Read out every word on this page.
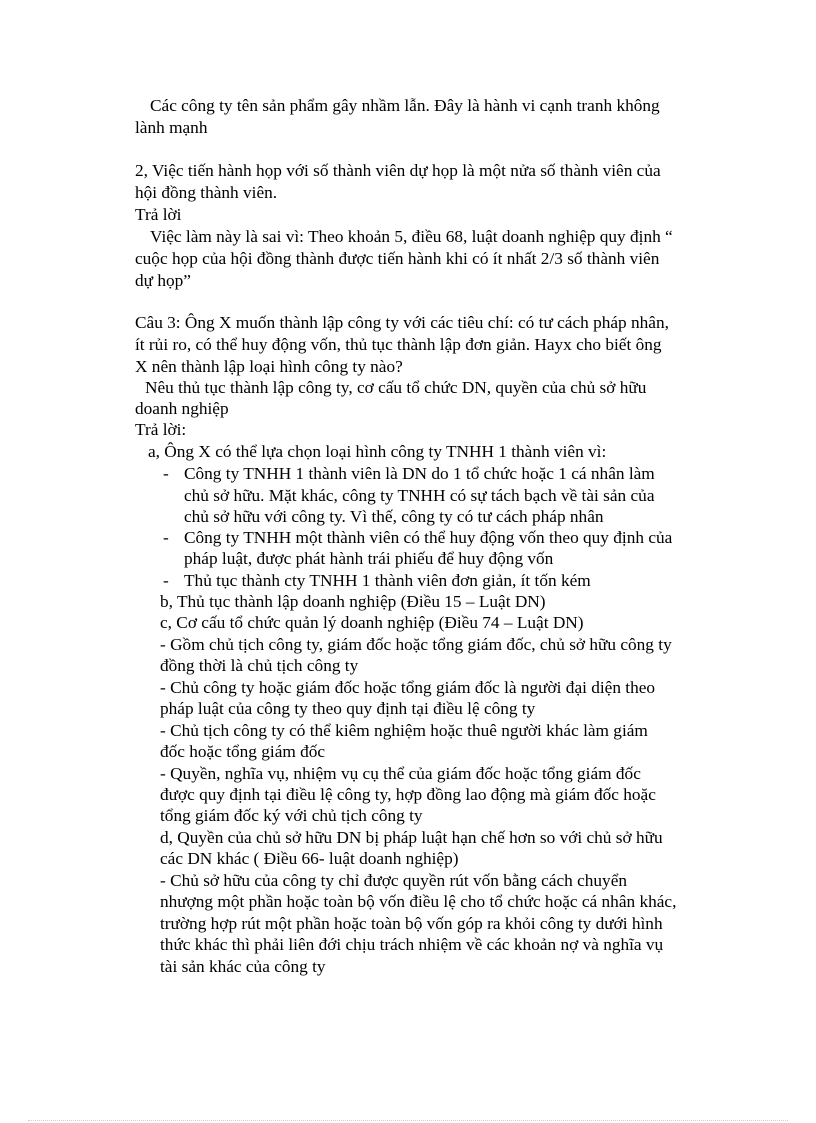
Các công ty tên sản phẩm gây nhầm lẫn. Đây là hành vi cạnh tranh không

lành mạnh

2, Việc tiến hành họp với số thành viên dự họp là một nửa số thành viên của

hội đồng thành viên.

Trả lời

Việc làm này là sai vì: Theo khoản 5, điều 68, luật doanh nghiệp quy định “

cuộc họp của hội đồng thành được tiến hành khi có ít nhất 2/3 số thành viên

dự họp”

Câu 3: Ông X muốn thành lập công ty với các tiêu chí: có tư cách pháp nhân,

ít rủi ro, có thể huy động vốn, thủ tục thành lập đơn giản. Hayx cho biết ông

X nên thành lập loại hình công ty nào?

Nêu thủ tục thành lập công ty, cơ cấu tổ chức DN, quyền của chủ sở hữu

doanh nghiệp

Trả lời:

a, Ông X có thể lựa chọn loại hình công ty TNHH 1 thành viên vì:

- Công ty TNHH 1 thành viên là DN do 1 tổ chức hoặc 1 cá nhân làm

chủ sở hữu. Mặt khác, công ty TNHH có sự tách bạch về tài sản của

chủ sở hữu với công ty. Vì thế, công ty có tư cách pháp nhân

- Công ty TNHH một thành viên có thể huy động vốn theo quy định của

pháp luật, được phát hành trái phiếu để huy động vốn

- Thủ tục thành cty TNHH 1 thành viên đơn giản, ít tốn kém

b, Thủ tục thành lập doanh nghiệp (Điều 15 – Luật DN)

c, Cơ cấu tổ chức quản lý doanh nghiệp (Điều 74 – Luật DN)

- Gồm chủ tịch công ty, giám đốc hoặc tổng giám đốc, chủ sở hữu công ty

đồng thời là chủ tịch công ty

- Chủ công ty hoặc giám đốc hoặc tổng giám đốc là người đại diện theo

pháp luật của công ty theo quy định tại điều lệ công ty

- Chủ tịch công ty có thể kiêm nghiệm hoặc thuê người khác làm giám

đốc hoặc tổng giám đốc

- Quyền, nghĩa vụ, nhiệm vụ cụ thể của giám đốc hoặc tổng giám đốc

được quy định tại điều lệ công ty, hợp đồng lao động mà giám đốc hoặc

tổng giám đốc ký với chủ tịch công ty

d, Quyền của chủ sở hữu DN bị pháp luật hạn chế hơn so với chủ sở hữu

các DN khác ( Điều 66- luật doanh nghiệp)

- Chủ sở hữu của công ty chỉ được quyền rút vốn bằng cách chuyển

nhượng một phần hoặc toàn bộ vốn điều lệ cho tổ chức hoặc cá nhân khác,

trường hợp rút một phần hoặc toàn bộ vốn góp ra khỏi công ty dưới hình

thức khác thì phải liên đới chịu trách nhiệm về các khoản nợ và nghĩa vụ

tài sản khác của công ty
